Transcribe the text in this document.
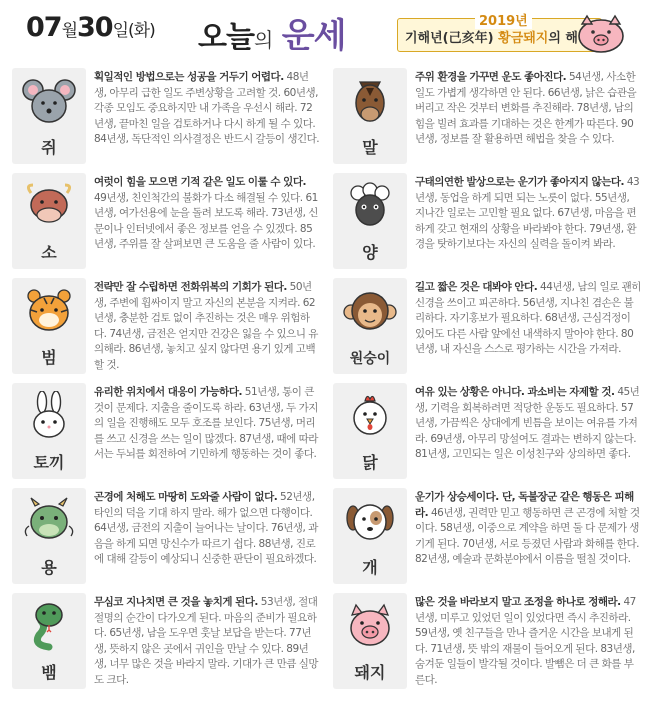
07월30일(화) 오늘의 운세	2019년
기해년(己亥年) 황금돼지의 해
쥐
획일적인 방법으로는 성공을 거두기 어렵다. 48년생, 아무리 급한 일도 주변상황을 고려할 것. 60년생, 각종 모임도 중요하지만 내 가족을 우선시 해라. 72년생, 끝마친 일을 검토하거나 다시 하게 될 수 있다. 84년생, 독단적인 의사결정은 반드시 갈등이 생긴다.	말
주위 환경을 가꾸면 운도 좋아진다. 54년생, 사소한 일도 가볍게 생각하면 안 된다. 66년생, 낡은 습관을 버리고 작은 것부터 변화를 추진해라. 78년생, 남의 힘을 빌려 효과를 기대하는 것은 한계가 따른다. 90년생, 정보를 잘 활용하면 해법을 찾을 수 있다.
소
여럿이 힘을 모으면 기적 같은 일도 이룰 수 있다. 49년생, 친인척간의 불화가 다소 해결될 수 있다. 61년생, 여가선용에 눈을 돌려 보도록 해라. 73년생, 신문이나 인터넷에서 좋은 정보를 얻을 수 있겠다. 85년생, 주위를 잘 살펴보면 큰 도움을 줄 사람이 있다.	양
구태의연한 발상으로는 운기가 좋아지지 않는다. 43년생, 동업을 하게 되면 되는 노릇이 없다. 55년생, 지나간 일로는 고민할 필요 없다. 67년생, 마음을 편하게 갖고 현재의 상황을 바라봐야 한다. 79년생, 환경을 탓하기보다는 자신의 실력을 돌이켜 봐라.
범
전략만 잘 수립하면 전화위복의 기회가 된다. 50년생, 주변에 휩싸이지 말고 자신의 본분을 지켜라. 62년생, 충분한 검토 없이 추진하는 것은 매우 위험하다. 74년생, 금전은 얻지만 건강은 잃을 수 있으니 유의해라. 86년생, 놓치고 싶지 않다면 용기 있게 고백할 것.	원숭이
길고 짧은 것은 대봐야 안다. 44년생, 남의 일로 괜히 신경을 쓰이고 피곤하다. 56년생, 지나친 겸손은 불리하다. 자기홍보가 필요하다. 68년생, 근심걱정이 있어도 다른 사람 앞에선 내색하지 말아야 한다. 80년생, 내 자신을 스스로 평가하는 시간을 가져라.
토끼
유리한 위치에서 대응이 가능하다. 51년생, 통이 큰 것이 문제다. 지출을 줄이도록 하라. 63년생, 두 가지의 일을 진행해도 모두 호조를 보인다. 75년생, 머리를 쓰고 신경을 쓰는 일이 많겠다. 87년생, 때에 따라서는 두뇌를 회전하여 기민하게 행동하는 것이 좋다.	닭
여유 있는 상황은 아니다. 과소비는 자제할 것. 45년생, 기력을 회복하려면 적당한 운동도 필요하다. 57년생, 가끔씩은 상대에게 빈틈을 보이는 여유를 가져라. 69년생, 아무리 망설여도 결과는 변하지 않는다. 81년생, 고민되는 일은 이성친구와 상의하면 좋다.
용
곤경에 처해도 마땅히 도와줄 사람이 없다. 52년생, 타인의 덕을 기대 하지 말라. 해가 없으면 다행이다. 64년생, 금전의 지출이 늘어나는 날이다. 76년생, 과음을 하게 되면 망신수가 따르기 쉽다. 88년생, 진로에 대해 갈등이 예상되니 신중한 판단이 필요하겠다.	개
운기가 상승세이다. 단, 독불장군 같은 행동은 피해라. 46년생, 권력만 믿고 행동하면 큰 곤경에 처할 것이다. 58년생, 이중으로 계약을 하면 둘 다 문제가 생기게 된다. 70년생, 서로 등졌던 사람과 화해를 한다. 82년생, 예술과 문화분야에서 이름을 떨칠 것이다.
뱀
무심코 지나치면 큰 것을 놓치게 된다. 53년생, 절대 절명의 순간이 다가오게 된다. 마음의 준비가 필요하다. 65년생, 남을 도우면 훗날 보답을 받는다. 77년생, 뜻하지 않은 곳에서 귀인을 만날 수 있다. 89년생, 너무 많은 것을 바라지 말라. 기대가 큰 만큼 실망도 크다.	돼지
많은 것을 바라보지 말고 조정을 하나로 정해라. 47년생, 미루고 있었던 일이 있었다면 즉시 추진하라. 59년생, 옛 친구들을 만나 즐거운 시간을 보내게 된다. 71년생, 뜻 밖의 재물이 들어오게 된다. 83년생, 숨겨둔 일들이 발각될 것이다. 발뺌은 더 큰 화를 부른다.
